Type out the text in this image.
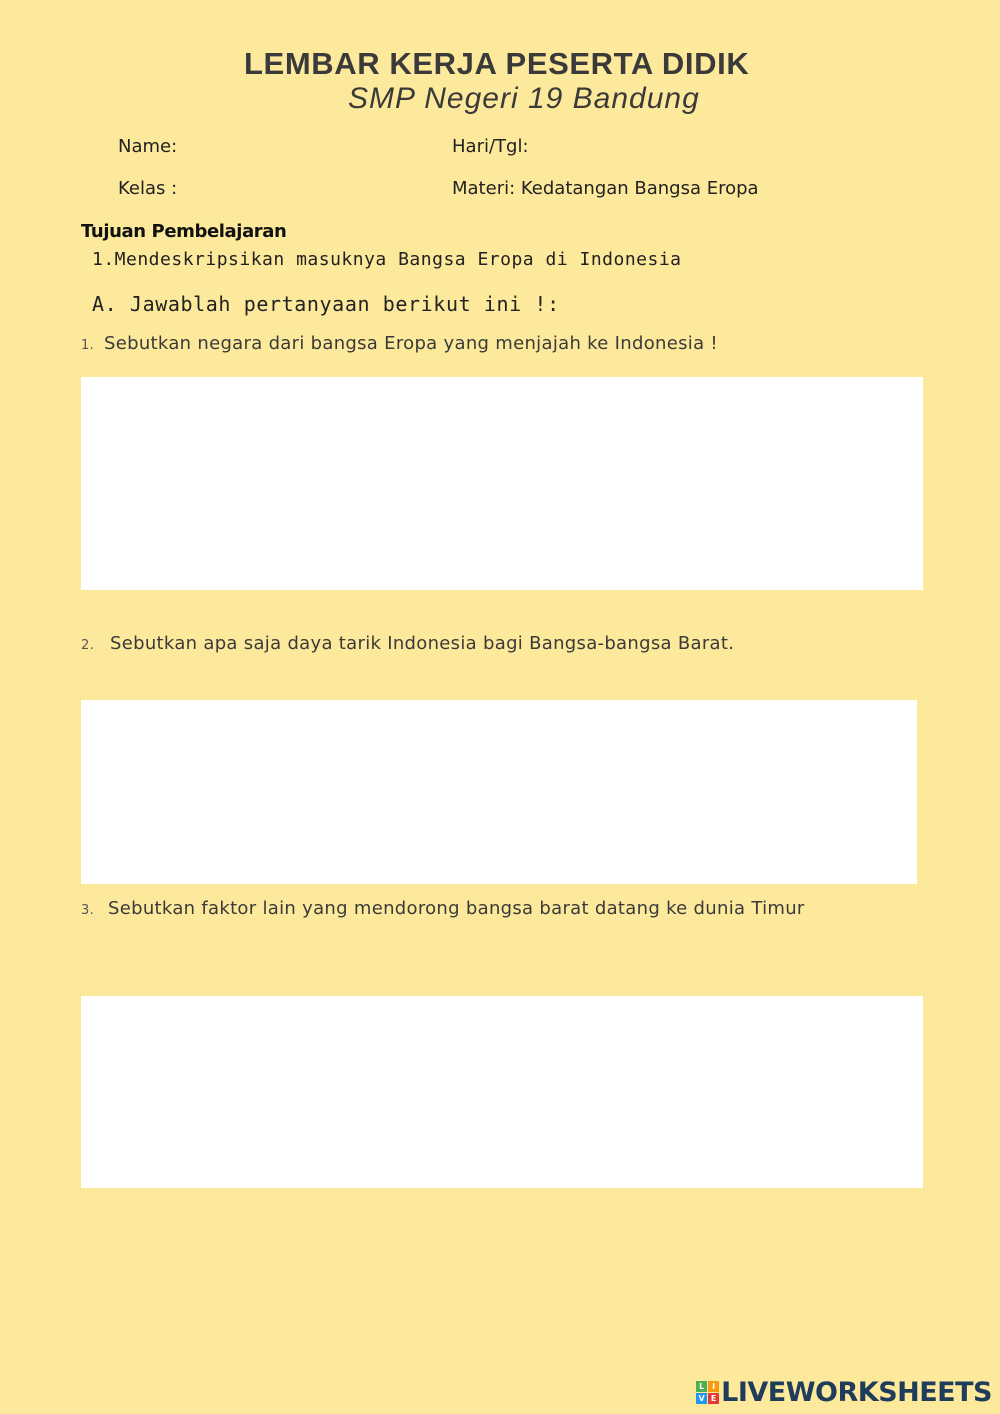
LEMBAR KERJA PESERTA DIDIK
SMP Negeri 19 Bandung
Name:	Hari/Tgl:
Kelas :	Materi: Kedatangan Bangsa Eropa
Tujuan Pembelajaran
1.Mendeskripsikan masuknya Bangsa Eropa di Indonesia
A. Jawablah pertanyaan berikut ini !:
1. Sebutkan negara dari bangsa Eropa yang menjajah ke Indonesia !
2. Sebutkan apa saja daya tarik Indonesia bagi Bangsa-bangsa Barat.
3. Sebutkan faktor lain yang mendorong bangsa barat datang ke dunia Timur
L I
V E LIVEWORKSHEETS
